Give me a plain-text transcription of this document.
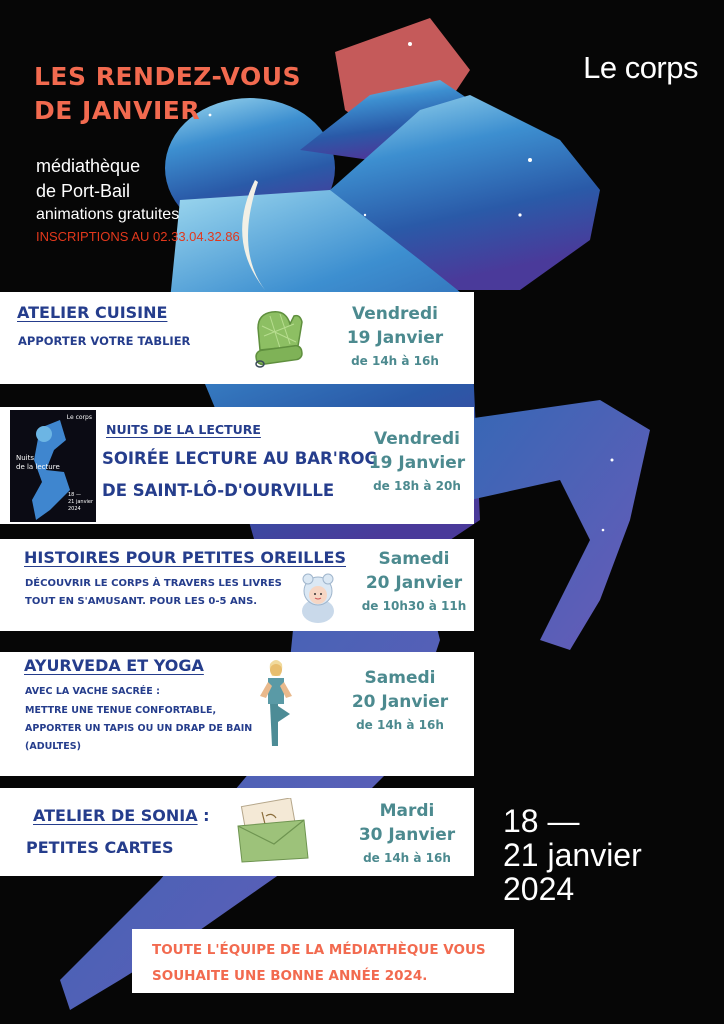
LES RENDEZ-VOUS
DE JANVIER
Le corps
médiathèque
de Port-Bail
animations gratuites
INSCRIPTIONS AU 02.33.04.32.86
ATELIER CUISINE
APPORTER VOTRE TABLIER
Vendredi
19 Janvier
de 14h à 16h
Le corps
Nuits
de la lecture
18 —
21 janvier
2024
NUITS DE LA LECTURE
SOIRÉE LECTURE AU BAR'ROC
DE SAINT-LÔ-D'OURVILLE
Vendredi
19 Janvier
de 18h à 20h
HISTOIRES POUR PETITES OREILLES
DÉCOUVRIR LE CORPS À TRAVERS LES LIVRES
TOUT EN S'AMUSANT. POUR LES 0-5 ANS.
Samedi
20 Janvier
de 10h30 à 11h
AYURVEDA ET YOGA
AVEC LA VACHE SACRÉE :
METTRE UNE TENUE CONFORTABLE,
APPORTER UN TAPIS OU UN DRAP DE BAIN
(ADULTES)
Samedi
20 Janvier
de 14h à 16h
ATELIER DE SONIA :
PETITES CARTES
Mardi
30 Janvier
de 14h à 16h
18 —
21 janvier
2024
TOUTE L'ÉQUIPE DE LA MÉDIATHÈQUE VOUS
SOUHAITE UNE BONNE ANNÉE 2024.
